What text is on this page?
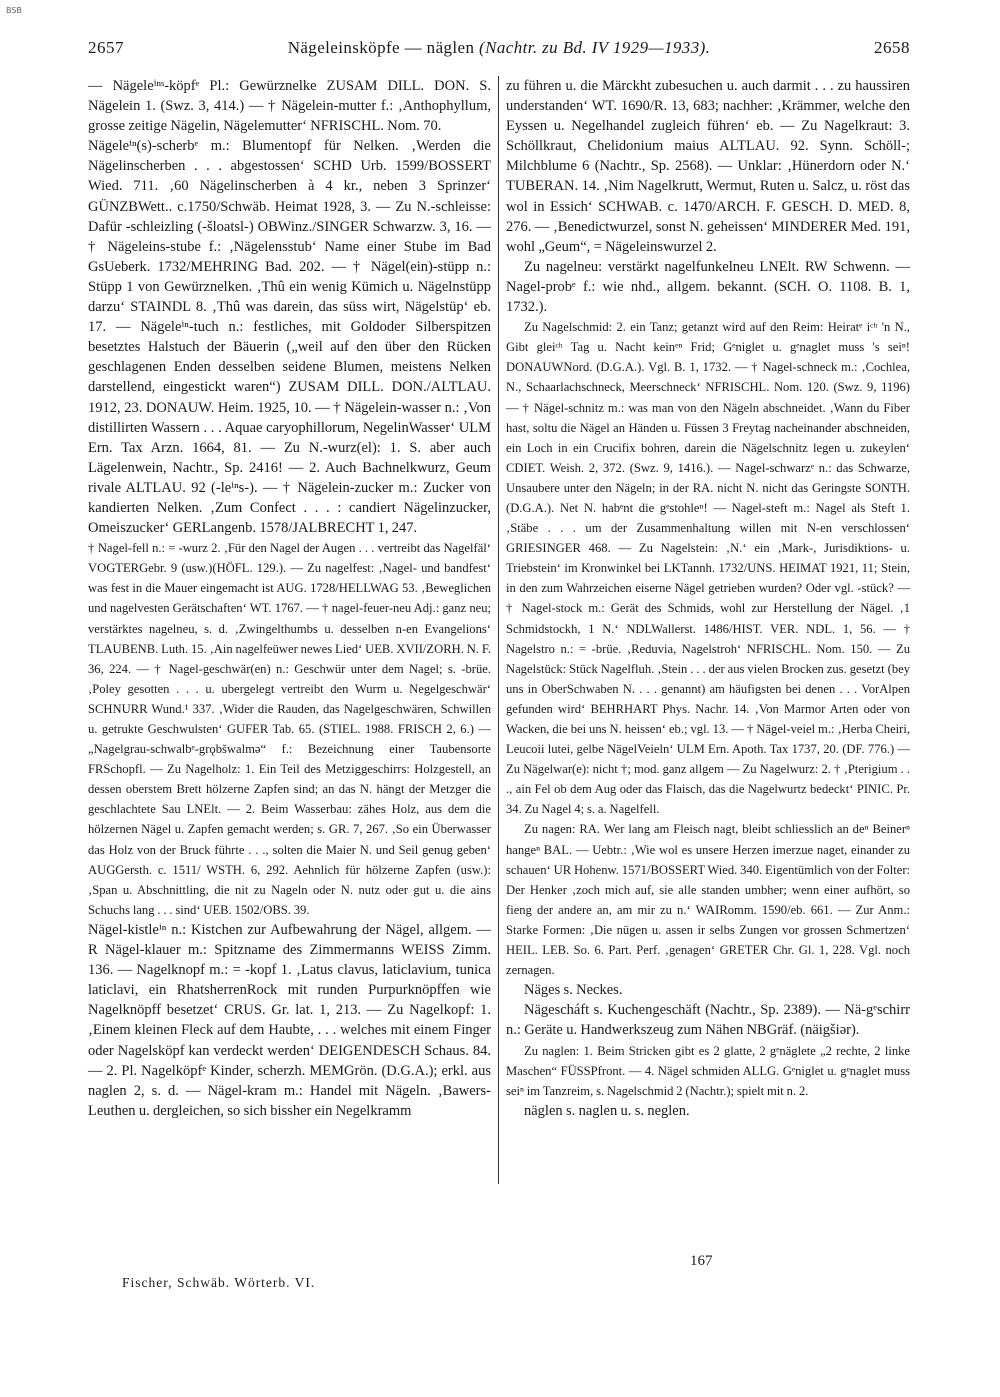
BSB
2657	Nägeleinsköpfe — näglen (Nachtr. zu Bd. IV 1929—1933).	2658

— Nägeleⁱⁿˢ-köpfᵉ Pl.: Gewürznelke ZUSAM DILL. DON. S. Nägelein 1. (Swz. 3, 414.) — † Nägelein-mutter f.: ‚Anthophyllum, grosse zeitige Nägelin, Nägelemutter‘ NFRISCHL. Nom. 70.

Nägeleⁱⁿ(s)-scherbᵉ m.: Blumentopf für Nelken. ‚Werden die Nägelinscherben . . . abgestossen‘ SCHD Urb. 1599/BOSSERT Wied. 711. ‚60 Nägelinscherben à 4 kr., neben 3 Sprinzer‘ GÜNZBWett.. c.1750/Schwäb. Heimat 1928, 3. — Zu N.-schleisse: Dafür -schleizling (-šloatsl-) OBWinz./SINGER Schwarzw. 3, 16. — † Nägeleins-stube f.: ‚Nägelensstub‘ Name einer Stube im Bad GsUeberk. 1732/MEHRING Bad. 202. — † Nägel(ein)-stüpp n.: Stüpp 1 von Gewürznelken. ‚Thû ein wenig Kümich u. Nägelnstüpp darzu‘ STAINDL 8. ‚Thû was darein, das süss wirt, Nägelstüp‘ eb. 17. — Nägeleⁱⁿ-tuch n.: festliches, mit Goldoder Silberspitzen besetztes Halstuch der Bäuerin („weil auf den über den Rücken geschlagenen Enden desselben seidene Blumen, meistens Nelken darstellend, eingestickt waren“) ZUSAM DILL. DON./ALTLAU. 1912, 23. DONAUW. Heim. 1925, 10. — † Nägelein-wasser n.: ‚Von distillirten Wassern . . . Aquae caryophillorum, NegelinWasser‘ ULM Ern. Tax Arzn. 1664, 81. — Zu N.-wurz(el): 1. S. aber auch Lägelenwein, Nachtr., Sp. 2416! — 2. Auch Bachnelkwurz, Geum rivale ALTLAU. 92 (-leⁱⁿs-). — † Nägelein-zucker m.: Zucker von kandierten Nelken. ‚Zum Confect . . . : candiert Nägelinzucker, Omeiszucker‘ GERLangenb. 1578/JALBRECHT 1, 247.

† Nagel-fell n.: = -wurz 2. ‚Für den Nagel der Augen . . . vertreibt das Nagelfäl‘ VOGTERGebr. 9 (usw.)(HÖFL. 129.). — Zu nagelfest: ‚Nagel- und bandfest‘ was fest in die Mauer eingemacht ist AUG. 1728/HELLWAG 53. ‚Beweglichen und nagelvesten Gerätschaften‘ WT. 1767. — † nagel-feuer-neu Adj.: ganz neu; verstärktes nagelneu, s. d. ‚Zwingelthumbs u. desselben n-en Evangelions‘ TLAUBENB. Luth. 15. ‚Ain nagelfeüwer newes Lied‘ UEB. XVII/ZORH. N. F. 36, 224. — † Nagel-geschwär(en) n.: Geschwür unter dem Nagel; s. -brüe. ‚Poley gesotten . . . u. ubergelegt vertreibt den Wurm u. Negelgeschwär‘ SCHNURR Wund.¹ 337. ‚Wider die Rauden, das Nagelgeschwären, Schwillen u. getrukte Geschwulsten‘ GUFER Tab. 65. (STIEL. 1988. FRISCH 2, 6.) — „Nagelgrau-schwalbᵉ-grǫbšwalmə“ f.: Bezeichnung einer Taubensorte FRSchopfl. — Zu Nagelholz: 1. Ein Teil des Metziggeschirrs: Holzgestell, an dessen oberstem Brett hölzerne Zapfen sind; an das N. hängt der Metzger die geschlachtete Sau LNElt. — 2. Beim Wasserbau: zähes Holz, aus dem die hölzernen Nägel u. Zapfen gemacht werden; s. GR. 7, 267. ‚So ein Überwasser das Holz von der Bruck führte . . ., solten die Maier N. und Seil genug geben‘ AUGGersth. c. 1511/ WSTH. 6, 292. Aehnlich für hölzerne Zapfen (usw.): ‚Span u. Abschnittling, die nit zu Nageln oder N. nutz oder gut u. die ains Schuchs lang . . . sind‘ UEB. 1502/OBS. 39.

Nägel-kistleⁱⁿ n.: Kistchen zur Aufbewahrung der Nägel, allgem. — R Nägel-klauer m.: Spitzname des Zimmermanns WEISS Zimm. 136. — Nagelknopf m.: = -kopf 1. ‚Latus clavus, laticlavium, tunica laticlavi, ein RhatsherrenRock mit runden Purpurknöpffen wie Nagelknöpff besetzet‘ CRUS. Gr. lat. 1, 213. — Zu Nagelkopf: 1. ‚Einem kleinen Fleck auf dem Haubte, . . . welches mit einem Finger oder Nagelsköpf kan verdeckt werden‘ DEIGENDESCH Schaus. 84. — 2. Pl. Nagelköpfᵉ Kinder, scherzh. MEMGrön. (D.G.A.); erkl. aus naglen 2, s. d. — Nägel-kram m.: Handel mit Nägeln. ‚Bawers-Leuthen u. dergleichen, so sich bissher ein Negelkramm

zu führen u. die Märckht zubesuchen u. auch darmit . . . zu haussiren understanden‘ WT. 1690/R. 13, 683; nachher: ‚Krämmer, welche den Eyssen u. Negelhandel zugleich führen‘ eb. — Zu Nagelkraut: 3. Schöllkraut, Chelidonium maius ALTLAU. 92. Synn. Schöll-; Milchblume 6 (Nachtr., Sp. 2568). — Unklar: ‚Hünerdorn oder N.‘ TUBERAN. 14. ‚Nim Nagelkrutt, Wermut, Ruten u. Salcz, u. röst das wol in Essich‘ SCHWAB. c. 1470/ARCH. F. GESCH. D. MED. 8, 276. — ‚Benedictwurzel, sonst N. geheissen‘ MINDERER Med. 191, wohl „Geum“, = Nägeleinswurzel 2.

Zu nagelneu: verstärkt nagelfunkelneu LNElt. RW Schwenn. — Nagel-probᵉ f.: wie nhd., allgem. bekannt. (SCH. O. 1108. B. 1, 1732.).

Zu Nagelschmid: 2. ein Tanz; getanzt wird auf den Reim: Heiratᵉ iᶜʰ 'n N., Gibt gleiᶜʰ Tag u. Nacht keinᵉⁿ Frid; Gᵉniglet u. gᵉnaglet muss 's seiⁿ! DONAUWNord. (D.G.A.). Vgl. B. 1, 1732. — † Nagel-schneck m.: ‚Cochlea, N., Schaarlachschneck, Meerschneck‘ NFRISCHL. Nom. 120. (Swz. 9, 1196) — † Nägel-schnitz m.: was man von den Nägeln abschneidet. ‚Wann du Fiber hast, soltu die Nägel an Händen u. Füssen 3 Freytag nacheinander abschneiden, ein Loch in ein Crucifix bohren, darein die Nägelschnitz legen u. zukeylen‘ CDIET. Weish. 2, 372. (Swz. 9, 1416.). — Nagel-schwarzᵉ n.: das Schwarze, Unsaubere unter den Nägeln; in der RA. nicht N. nicht das Geringste SONTH. (D.G.A.). Net N. habᵉnt die gᵉstohleⁿ! — Nagel-steft m.: Nagel als Steft 1. ‚Stäbe . . . um der Zusammenhaltung willen mit N-en verschlossen‘ GRIESINGER 468. — Zu Nagelstein: ‚N.‘ ein ‚Mark-, Jurisdiktions- u. Triebstein‘ im Kronwinkel bei LKTannh. 1732/UNS. HEIMAT 1921, 11; Stein, in den zum Wahrzeichen eiserne Nägel getrieben wurden? Oder vgl. -stück? — † Nagel-stock m.: Gerät des Schmids, wohl zur Herstellung der Nägel. ‚1 Schmidstockh, 1 N.‘ NDLWallerst. 1486/HIST. VER. NDL. 1, 56. — † Nagelstro n.: = -brüe. ‚Reduvia, Nagelstroh‘ NFRISCHL. Nom. 150. — Zu Nagelstück: Stück Nagelfluh. ‚Stein . . . der aus vielen Brocken zus. gesetzt (bey uns in OberSchwaben N. . . . genannt) am häufigsten bei denen . . . VorAlpen gefunden wird‘ BEHRHART Phys. Nachr. 14. ‚Von Marmor Arten oder von Wacken, die bei uns N. heissen‘ eb.; vgl. 13. — † Nägel-veiel m.: ‚Herba Cheiri, Leucoii lutei, gelbe NägelVeieln‘ ULM Ern. Apoth. Tax 1737, 20. (DF. 776.) — Zu Nägelwar(e): nicht †; mod. ganz allgem — Zu Nagelwurz: 2. † ‚Pterigium . . ., ain Fel ob dem Aug oder das Flaisch, das die Nagelwurtz bedeckt‘ PINIC. Pr. 34. Zu Nagel 4; s. a. Nagelfell.

Zu nagen: RA. Wer lang am Fleisch nagt, bleibt schliesslich an deⁿ Beinerⁿ hangeⁿ BAL. — Uebtr.: ‚Wie wol es unsere Herzen imerzue naget, einander zu schauen‘ UR Hohenw. 1571/BOSSERT Wied. 340. Eigentümlich von der Folter: Der Henker ‚zoch mich auf, sie alle standen umbher; wenn einer aufhört, so fieng der andere an, am mir zu n.‘ WAIRomm. 1590/eb. 661. — Zur Anm.: Starke Formen: ‚Die nügen u. assen ir selbs Zungen vor grossen Schmertzen‘ HEIL. LEB. So. 6. Part. Perf. ‚genagen‘ GRETER Chr. Gl. 1, 228. Vgl. noch zernagen.

Näges s. Neckes.

Nägescháft s. Kuchengeschäft (Nachtr., Sp. 2389). — Nä-gᵉschirr n.: Geräte u. Handwerkszeug zum Nähen NBGräf. (näigšiər).

Zu naglen: 1. Beim Stricken gibt es 2 glatte, 2 gᵉnäglete „2 rechte, 2 linke Maschen“ FÜSSPfront. — 4. Nägel schmiden ALLG. Gᵉniglet u. gᵉnaglet muss seiⁿ im Tanzreim, s. Nagelschmid 2 (Nachtr.); spielt mit n. 2.

näglen s. naglen u. s. neglen.

Fischer, Schwäb. Wörterb. VI.
167
